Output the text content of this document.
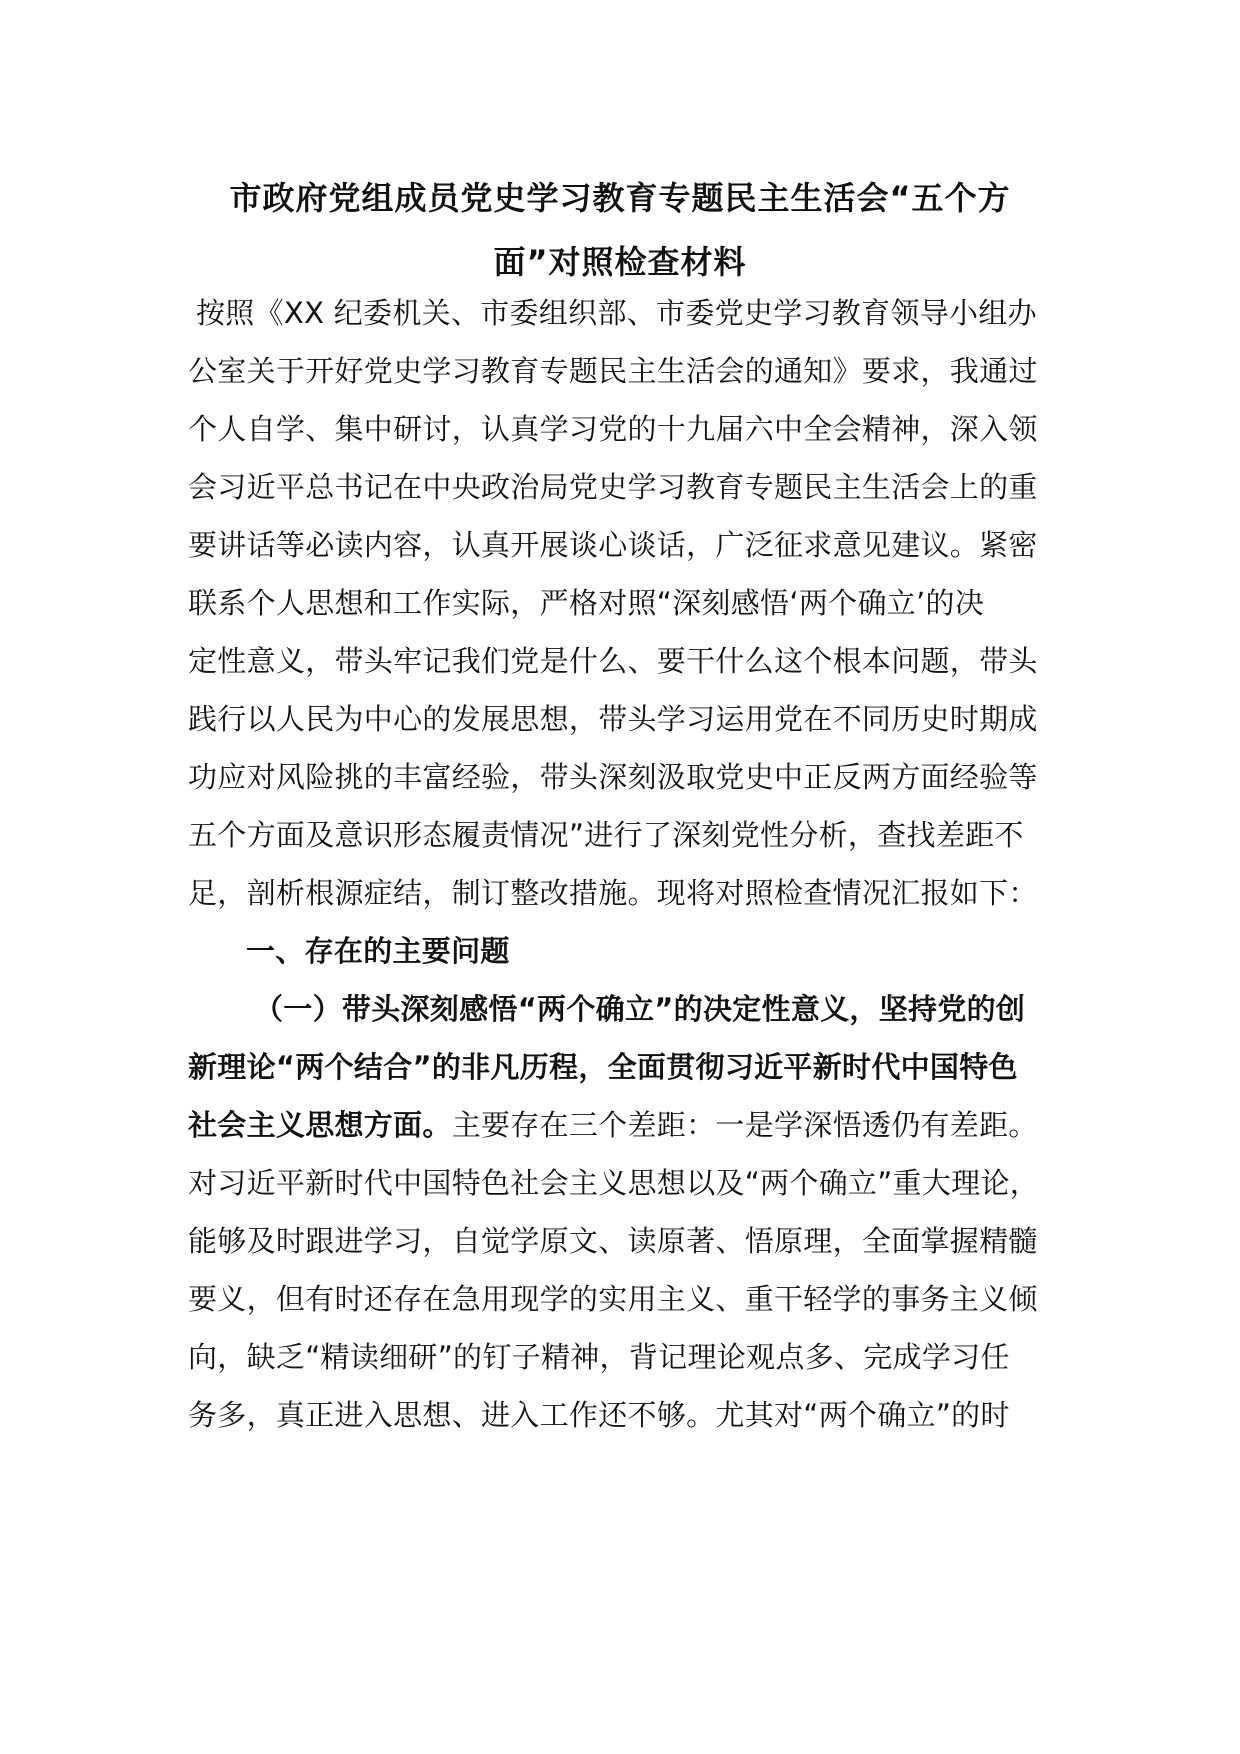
市政府党组成员党史学习教育专题民主生活会“五个方
面”对照检查材料
按照《XX 纪委机关、市委组织部、市委党史学习教育领导小组办
公室关于开好党史学习教育专题民主生活会的通知》要求，我通过
个人自学、集中研讨，认真学习党的十九届六中全会精神，深入领
会习近平总书记在中央政治局党史学习教育专题民主生活会上的重
要讲话等必读内容，认真开展谈心谈话，广泛征求意见建议。紧密
联系个人思想和工作实际，严格对照“深刻感悟‘两个确立’的决
定性意义，带头牢记我们党是什么、要干什么这个根本问题，带头
践行以人民为中心的发展思想，带头学习运用党在不同历史时期成
功应对风险挑的丰富经验，带头深刻汲取党史中正反两方面经验等
五个方面及意识形态履责情况”进行了深刻党性分析，查找差距不
足，剖析根源症结，制订整改措施。现将对照检查情况汇报如下：
一、存在的主要问题
（一）带头深刻感悟“两个确立”的决定性意义，坚持党的创
新理论“两个结合”的非凡历程，全面贯彻习近平新时代中国特色
社会主义思想方面。主要存在三个差距：一是学深悟透仍有差距。
对习近平新时代中国特色社会主义思想以及“两个确立”重大理论，
能够及时跟进学习，自觉学原文、读原著、悟原理，全面掌握精髓
要义，但有时还存在急用现学的实用主义、重干轻学的事务主义倾
向，缺乏“精读细研”的钉子精神，背记理论观点多、完成学习任
务多，真正进入思想、进入工作还不够。尤其对“两个确立”的时
